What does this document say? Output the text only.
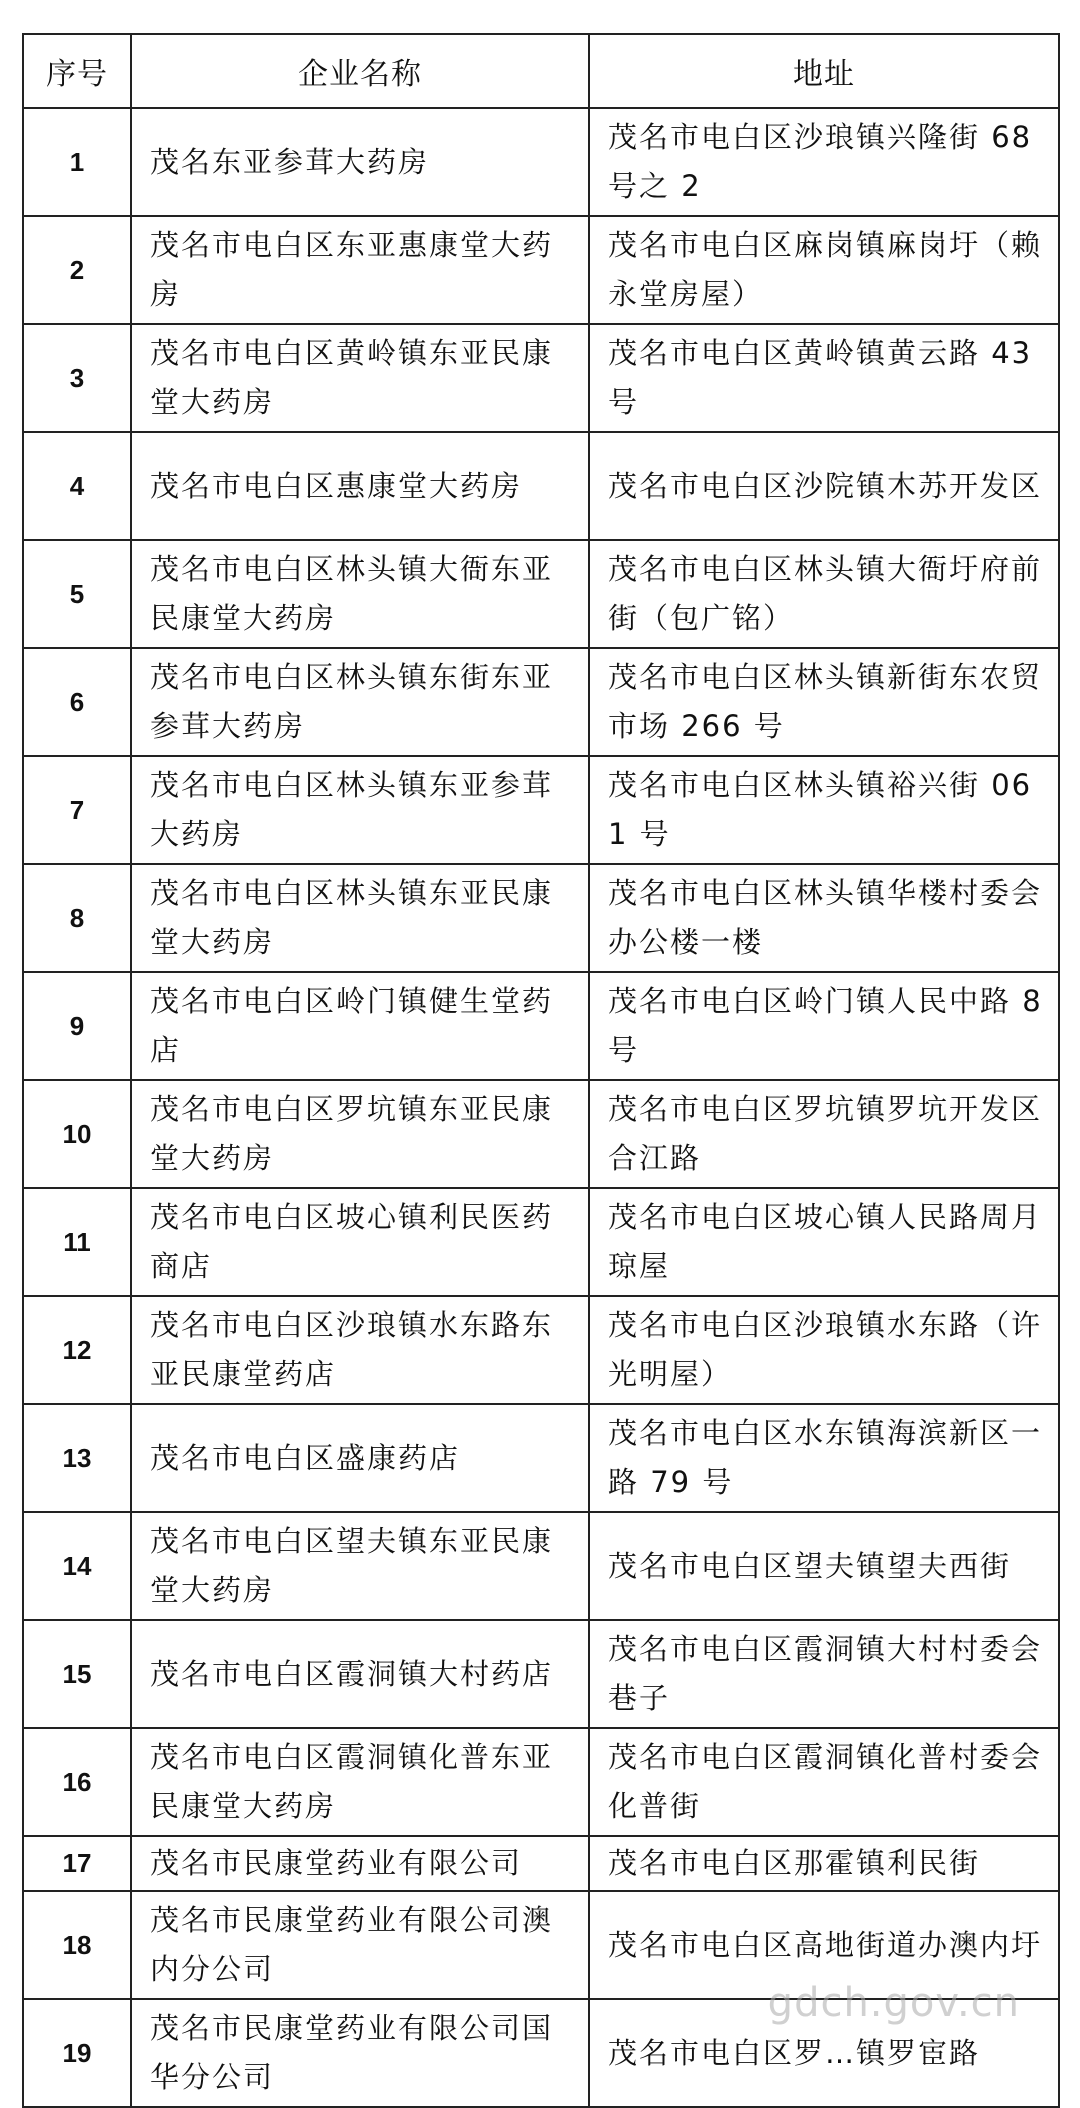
序号	企业名称	地址
1	茂名东亚参茸大药房	茂名市电白区沙琅镇兴隆街 68 号之 2
2	茂名市电白区东亚惠康堂大药房	茂名市电白区麻岗镇麻岗圩（赖永堂房屋）
3	茂名市电白区黄岭镇东亚民康堂大药房	茂名市电白区黄岭镇黄云路 43 号
4	茂名市电白区惠康堂大药房	茂名市电白区沙院镇木苏开发区
5	茂名市电白区林头镇大衙东亚民康堂大药房	茂名市电白区林头镇大衙圩府前街（包广铭）
6	茂名市电白区林头镇东街东亚参茸大药房	茂名市电白区林头镇新街东农贸市场 266 号
7	茂名市电白区林头镇东亚参茸大药房	茂名市电白区林头镇裕兴街 061 号
8	茂名市电白区林头镇东亚民康堂大药房	茂名市电白区林头镇华楼村委会办公楼一楼
9	茂名市电白区岭门镇健生堂药店	茂名市电白区岭门镇人民中路 8 号
10	茂名市电白区罗坑镇东亚民康堂大药房	茂名市电白区罗坑镇罗坑开发区合江路
11	茂名市电白区坡心镇利民医药商店	茂名市电白区坡心镇人民路周月琼屋
12	茂名市电白区沙琅镇水东路东亚民康堂药店	茂名市电白区沙琅镇水东路（许光明屋）
13	茂名市电白区盛康药店	茂名市电白区水东镇海滨新区一路 79 号
14	茂名市电白区望夫镇东亚民康堂大药房	茂名市电白区望夫镇望夫西街
15	茂名市电白区霞洞镇大村药店	茂名市电白区霞洞镇大村村委会巷子
16	茂名市电白区霞洞镇化普东亚民康堂大药房	茂名市电白区霞洞镇化普村委会化普街
17	茂名市民康堂药业有限公司	茂名市电白区那霍镇利民街
18	茂名市民康堂药业有限公司澳内分公司	茂名市电白区高地街道办澳内圩
19	茂名市民康堂药业有限公司国华分公司	茂名市电白区罗…镇罗宦路
gdch.gov.cn
